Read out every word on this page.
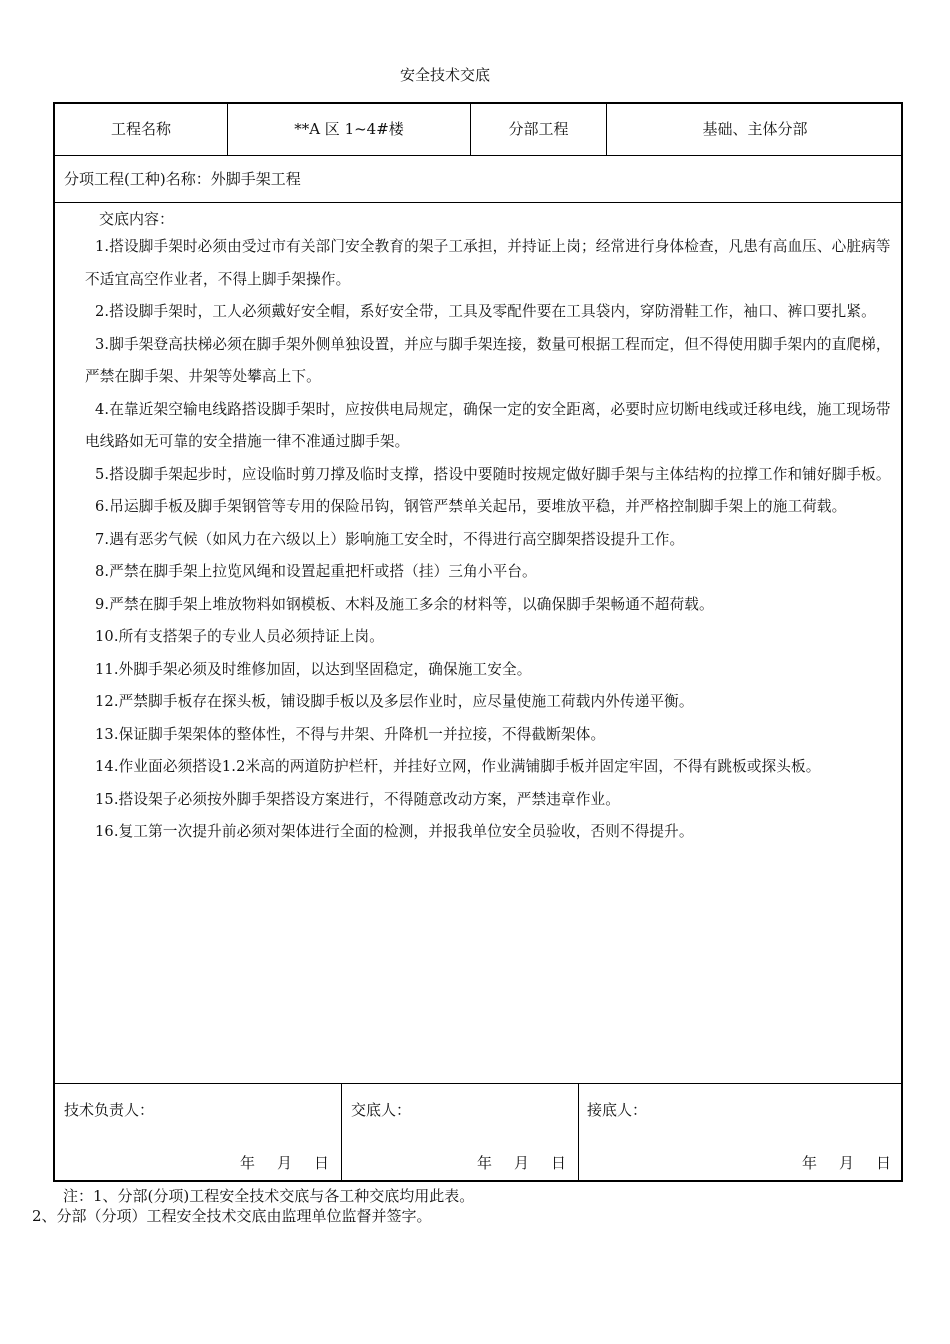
安全技术交底
工程名称	**A 区 1~4#楼	分部工程	基础、主体分部
分项工程(工种)名称：外脚手架工程
交底内容：
1.搭设脚手架时必须由受过市有关部门安全教育的架子工承担，并持证上岗；经常进行身体检查，凡患有高血压、心脏病等不适宜高空作业者，不得上脚手架操作。
2.搭设脚手架时，工人必须戴好安全帽，系好安全带，工具及零配件要在工具袋内，穿防滑鞋工作，袖口、裤口要扎紧。
3.脚手架登高扶梯必须在脚手架外侧单独设置，并应与脚手架连接，数量可根据工程而定，但不得使用脚手架内的直爬梯，严禁在脚手架、井架等处攀高上下。
4.在靠近架空输电线路搭设脚手架时，应按供电局规定，确保一定的安全距离，必要时应切断电线或迁移电线，施工现场带电线路如无可靠的安全措施一律不准通过脚手架。
5.搭设脚手架起步时，应设临时剪刀撑及临时支撑，搭设中要随时按规定做好脚手架与主体结构的拉撑工作和铺好脚手板。
6.吊运脚手板及脚手架钢管等专用的保险吊钩，钢管严禁单关起吊，要堆放平稳，并严格控制脚手架上的施工荷载。
7.遇有恶劣气候（如风力在六级以上）影响施工安全时，不得进行高空脚架搭设提升工作。
8.严禁在脚手架上拉览风绳和设置起重把杆或搭（挂）三角小平台。
9.严禁在脚手架上堆放物料如钢模板、木料及施工多余的材料等，以确保脚手架畅通不超荷载。
10.所有支搭架子的专业人员必须持证上岗。
11.外脚手架必须及时维修加固，以达到坚固稳定，确保施工安全。
12.严禁脚手板存在探头板，铺设脚手板以及多层作业时，应尽量使施工荷载内外传递平衡。
13.保证脚手架架体的整体性，不得与井架、升降机一并拉接，不得截断架体。
14.作业面必须搭设1.2米高的两道防护栏杆，并挂好立网，作业满铺脚手板并固定牢固，不得有跳板或探头板。
15.搭设架子必须按外脚手架搭设方案进行，不得随意改动方案，严禁违章作业。
16.复工第一次提升前必须对架体进行全面的检测，并报我单位安全员验收，否则不得提升。
技术负责人：
年 月 日
交底人：
年 月 日
接底人：
年 月 日
注：1、分部(分项)工程安全技术交底与各工种交底均用此表。
2、分部（分项）工程安全技术交底由监理单位监督并签字。
